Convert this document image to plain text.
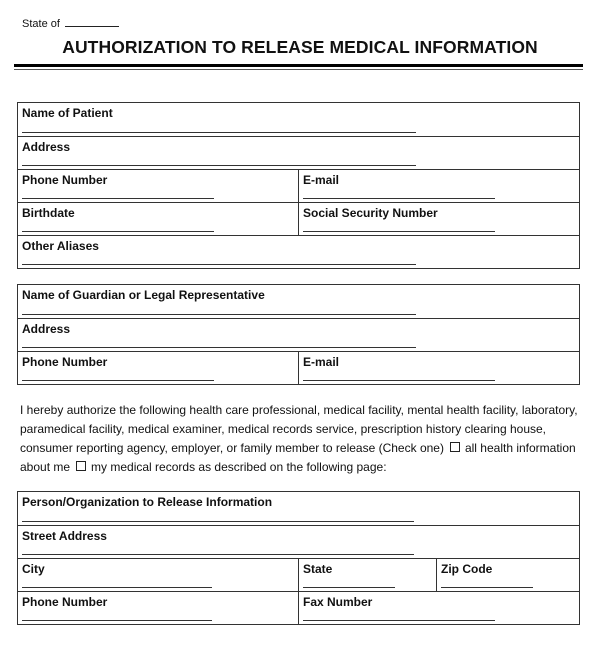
State of
AUTHORIZATION TO RELEASE MEDICAL INFORMATION
Name of Patient
Address
Phone Number	E-mail
Birthdate	Social Security Number
Other Aliases
Name of Guardian or Legal Representative
Address
Phone Number	E-mail

I hereby authorize the following health care professional, medical facility, mental health facility, laboratory,

paramedical facility, medical examiner, medical records service, prescription history clearing house,

consumer reporting agency, employer, or family member to release (Check one) all health information

about me my medical records as described on the following page:

Person/Organization to Release Information
Street Address
City	State	Zip Code
Phone Number	Fax Number
